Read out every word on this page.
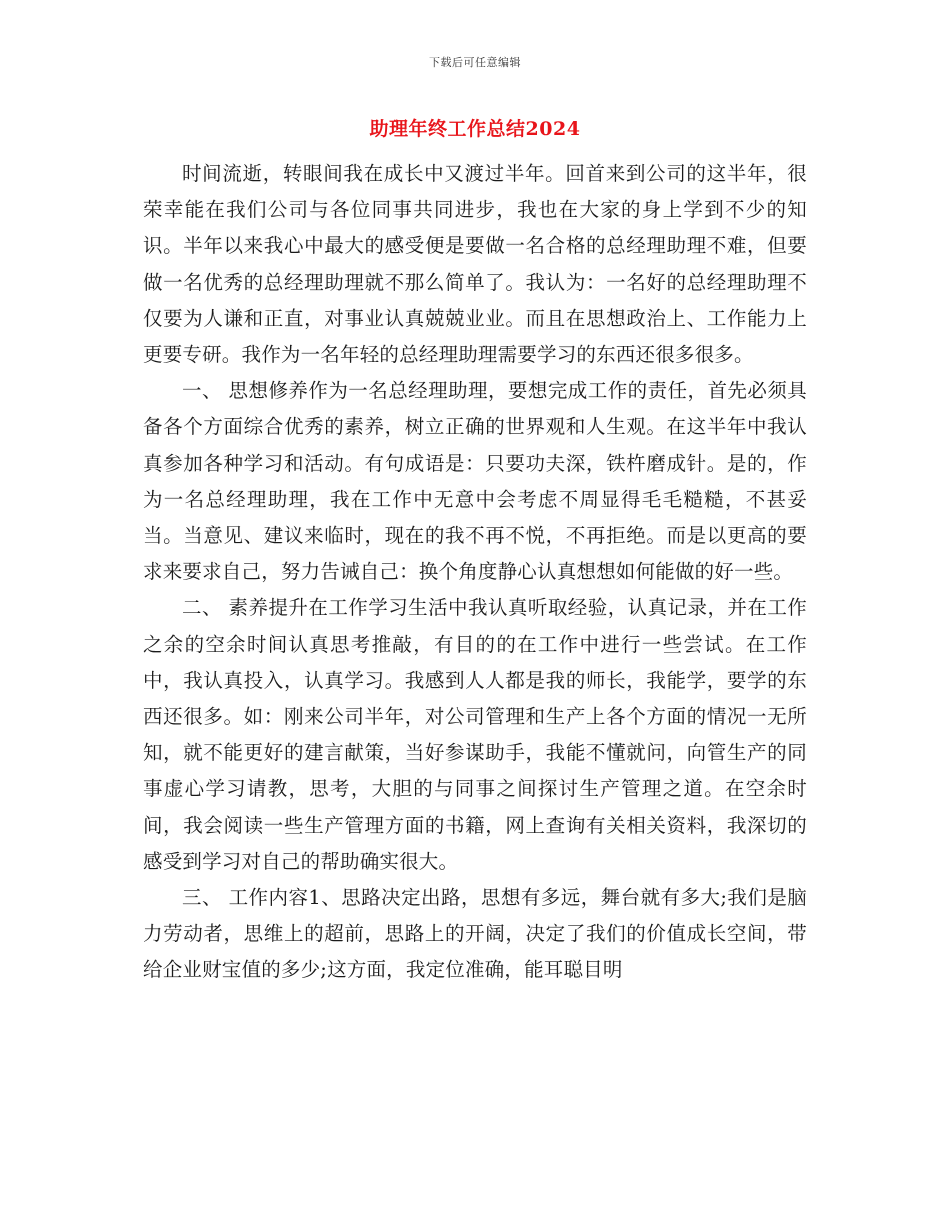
下载后可任意编辑
助理年终工作总结2024

时间流逝，转眼间我在成长中又渡过半年。回首来到公司的这半年，很荣幸能在我们公司与各位同事共同进步，我也在大家的身上学到不少的知识。半年以来我心中最大的感受便是要做一名合格的总经理助理不难，但要做一名优秀的总经理助理就不那么简单了。我认为：一名好的总经理助理不仅要为人谦和正直，对事业认真兢兢业业。而且在思想政治上、工作能力上更要专研。我作为一名年轻的总经理助理需要学习的东西还很多很多。

一、 思想修养作为一名总经理助理，要想完成工作的责任，首先必须具备各个方面综合优秀的素养，树立正确的世界观和人生观。在这半年中我认真参加各种学习和活动。有句成语是：只要功夫深，铁杵磨成针。是的，作为一名总经理助理，我在工作中无意中会考虑不周显得毛毛糙糙，不甚妥当。当意见、建议来临时，现在的我不再不悦，不再拒绝。而是以更高的要求来要求自己，努力告诫自己：换个角度静心认真想想如何能做的好一些。

二、 素养提升在工作学习生活中我认真听取经验，认真记录，并在工作之余的空余时间认真思考推敲，有目的的在工作中进行一些尝试。在工作中，我认真投入，认真学习。我感到人人都是我的师长，我能学，要学的东西还很多。如：刚来公司半年，对公司管理和生产上各个方面的情况一无所知，就不能更好的建言献策，当好参谋助手，我能不懂就问，向管生产的同事虚心学习请教，思考，大胆的与同事之间探讨生产管理之道。在空余时间，我会阅读一些生产管理方面的书籍，网上查询有关相关资料，我深切的感受到学习对自己的帮助确实很大。

三、 工作内容1、思路决定出路，思想有多远，舞台就有多大;我们是脑力劳动者，思维上的超前，思路上的开阔，决定了我们的价值成长空间，带给企业财宝值的多少;这方面，我定位准确，能耳聪目明
